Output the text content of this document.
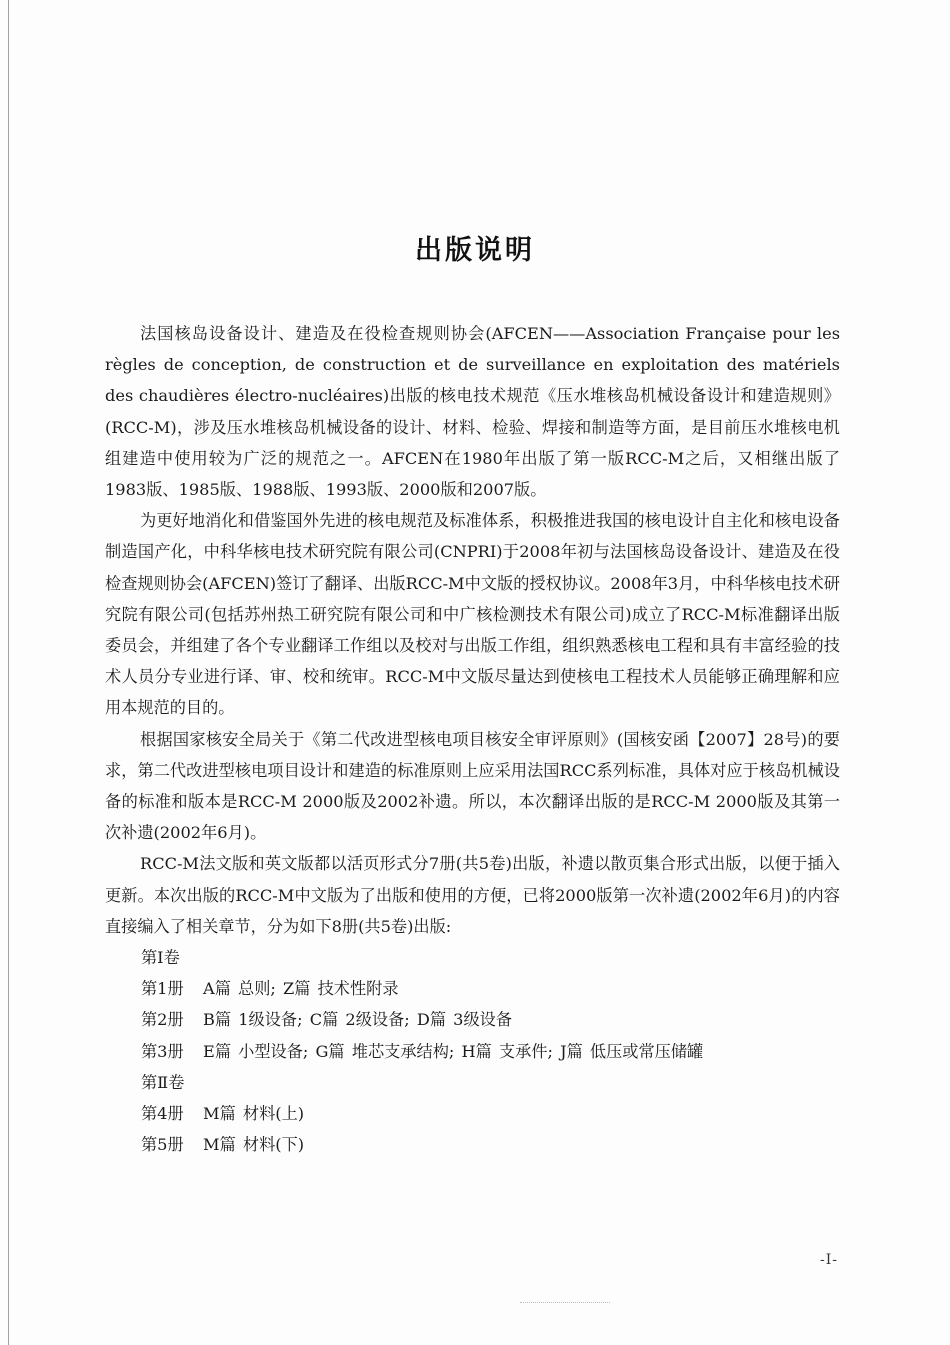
出版说明

法国核岛设备设计、建造及在役检查规则协会(AFCEN——Association Française pour les règles de conception, de construction et de surveillance en exploitation des matériels des chaudières électro-nucléaires)出版的核电技术规范《压水堆核岛机械设备设计和建造规则》(RCC-M)，涉及压水堆核岛机械设备的设计、材料、检验、焊接和制造等方面，是目前压水堆核电机组建造中使用较为广泛的规范之一。AFCEN在1980年出版了第一版RCC-M之后，又相继出版了1983版、1985版、1988版、1993版、2000版和2007版。

为更好地消化和借鉴国外先进的核电规范及标准体系，积极推进我国的核电设计自主化和核电设备制造国产化，中科华核电技术研究院有限公司(CNPRI)于2008年初与法国核岛设备设计、建造及在役检查规则协会(AFCEN)签订了翻译、出版RCC-M中文版的授权协议。2008年3月，中科华核电技术研究院有限公司(包括苏州热工研究院有限公司和中广核检测技术有限公司)成立了RCC-M标准翻译出版委员会，并组建了各个专业翻译工作组以及校对与出版工作组，组织熟悉核电工程和具有丰富经验的技术人员分专业进行译、审、校和统审。RCC-M中文版尽量达到使核电工程技术人员能够正确理解和应用本规范的目的。

根据国家核安全局关于《第二代改进型核电项目核安全审评原则》(国核安函【2007】28号)的要求，第二代改进型核电项目设计和建造的标准原则上应采用法国RCC系列标准，具体对应于核岛机械设备的标准和版本是RCC-M 2000版及2002补遗。所以，本次翻译出版的是RCC-M 2000版及其第一次补遗(2002年6月)。

RCC-M法文版和英文版都以活页形式分7册(共5卷)出版，补遗以散页集合形式出版，以便于插入更新。本次出版的RCC-M中文版为了出版和使用的方便，已将2000版第一次补遗(2002年6月)的内容直接编入了相关章节，分为如下8册(共5卷)出版:

第Ⅰ卷

第1册 A篇 总则; Z篇 技术性附录

第2册 B篇 1级设备; C篇 2级设备; D篇 3级设备

第3册 E篇 小型设备; G篇 堆芯支承结构; H篇 支承件; J篇 低压或常压储罐

第Ⅱ卷

第4册 M篇 材料(上)

第5册 M篇 材料(下)

-Ⅰ-
